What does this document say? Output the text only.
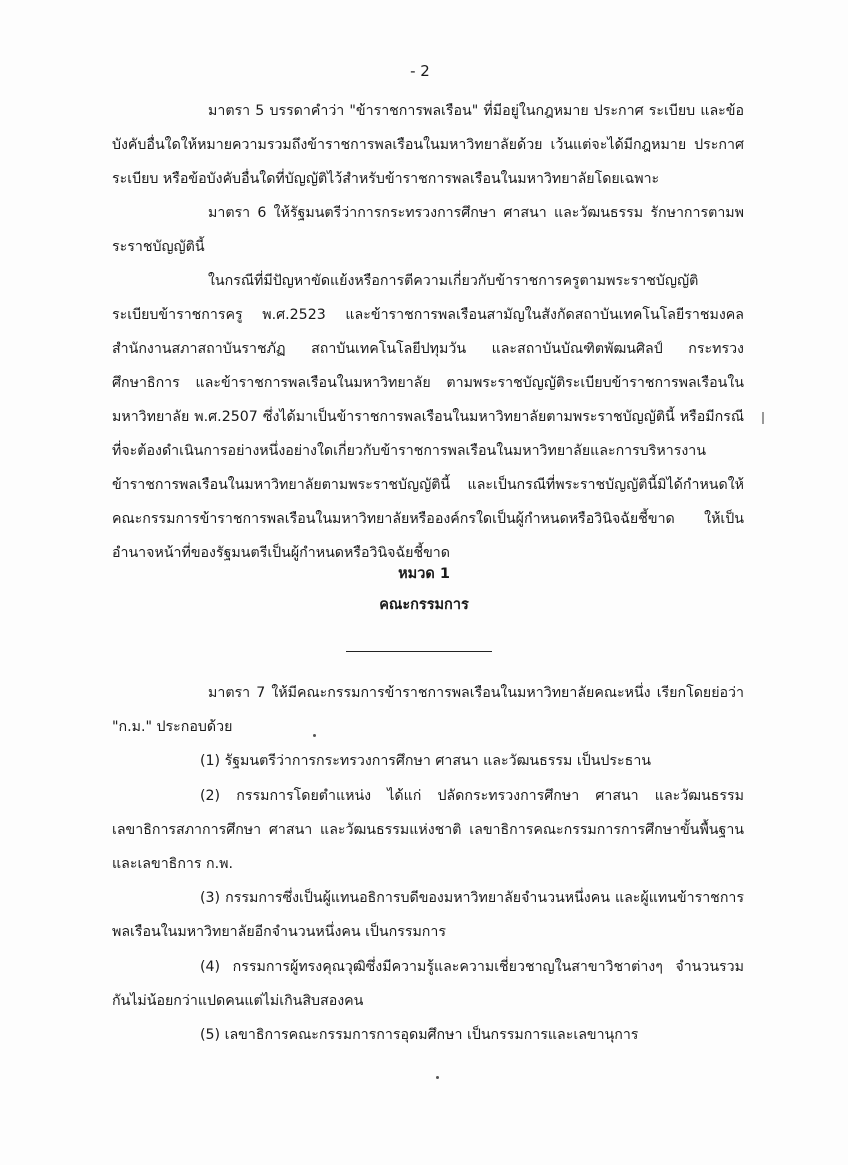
- 2

มาตรา 5 บรรดาคำว่า "ข้าราชการพลเรือน" ที่มีอยู่ในกฎหมาย ประกาศ ระเบียบ และข้อบังคับอื่นใดให้หมายความรวมถึงข้าราชการพลเรือนในมหาวิทยาลัยด้วย เว้นแต่จะได้มีกฎหมาย ประกาศ ระเบียบ หรือข้อบังคับอื่นใดที่บัญญัติไว้สำหรับข้าราชการพลเรือนในมหาวิทยาลัยโดยเฉพาะ

มาตรา 6 ให้รัฐมนตรีว่าการกระทรวงการศึกษา ศาสนา และวัฒนธรรม รักษาการตามพระราชบัญญัตินี้

ในกรณีที่มีปัญหาขัดแย้งหรือการตีความเกี่ยวกับข้าราชการครูตามพระราชบัญญัติระเบียบข้าราชการครู พ.ศ.2523 และข้าราชการพลเรือนสามัญในสังกัดสถาบันเทคโนโลยีราชมงคล สำนักงานสภาสถาบันราชภัฏ สถาบันเทคโนโลยีปทุมวัน และสถาบันบัณฑิตพัฒนศิลป์ กระทรวงศึกษาธิการ และข้าราชการพลเรือนในมหาวิทยาลัย ตามพระราชบัญญัติระเบียบข้าราชการพลเรือนในมหาวิทยาลัย พ.ศ.2507 ซึ่งได้มาเป็นข้าราชการพลเรือนในมหาวิทยาลัยตามพระราชบัญญัตินี้ หรือมีกรณีที่จะต้องดำเนินการอย่างหนึ่งอย่างใดเกี่ยวกับข้าราชการพลเรือนในมหาวิทยาลัยและการบริหารงานข้าราชการพลเรือนในมหาวิทยาลัยตามพระราชบัญญัตินี้ และเป็นกรณีที่พระราชบัญญัตินี้มิได้กำหนดให้คณะกรรมการข้าราชการพลเรือนในมหาวิทยาลัยหรือองค์กรใดเป็นผู้กำหนดหรือวินิจฉัยชี้ขาด ให้เป็นอำนาจหน้าที่ของรัฐมนตรีเป็นผู้กำหนดหรือวินิจฉัยชี้ขาด

หมวด 1
คณะกรรมการ

มาตรา 7 ให้มีคณะกรรมการข้าราชการพลเรือนในมหาวิทยาลัยคณะหนึ่ง เรียกโดยย่อว่า "ก.ม." ประกอบด้วย

(1) รัฐมนตรีว่าการกระทรวงการศึกษา ศาสนา และวัฒนธรรม เป็นประธาน

(2) กรรมการโดยตำแหน่ง ได้แก่ ปลัดกระทรวงการศึกษา ศาสนา และวัฒนธรรม เลขาธิการสภาการศึกษา ศาสนา และวัฒนธรรมแห่งชาติ เลขาธิการคณะกรรมการการศึกษาขั้นพื้นฐาน และเลขาธิการ ก.พ.

(3) กรรมการซึ่งเป็นผู้แทนอธิการบดีของมหาวิทยาลัยจำนวนหนึ่งคน และผู้แทนข้าราชการพลเรือนในมหาวิทยาลัยอีกจำนวนหนึ่งคน เป็นกรรมการ

(4) กรรมการผู้ทรงคุณวุฒิซึ่งมีความรู้และความเชี่ยวชาญในสาขาวิชาต่างๆ จำนวนรวมกันไม่น้อยกว่าแปดคนแต่ไม่เกินสิบสองคน

(5) เลขาธิการคณะกรรมการการอุดมศึกษา เป็นกรรมการและเลขานุการ
